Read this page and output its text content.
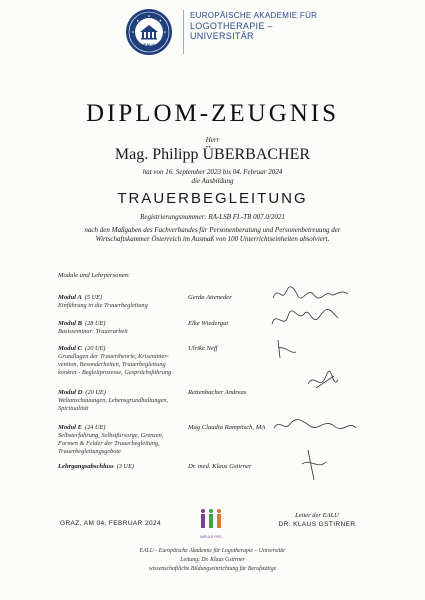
EALU
EUROPÄISCHE AKADEMIE FÜR
LOGOTHERAPIE –
UNIVERSITÄR
DIPLOM-ZEUGNIS
Herr
Mag. Philipp ÜBERBACHER
hat von 16. September 2023 bis 04. Februar 2024
die Ausbildung
TRAUERBEGLEITUNG
Registrierungsnummer: RA-LSB FL-TB 007.0/2021
nach den Maßgaben des Fachverbandes für Personenberatung und Personenbetreuung der
Wirtschaftskammer Österreich im Ausmaß von 100 Unterrichtseinheiten absolviert.
Module und Lehrpersonen:
Modul A (5 UE)
Einführung in die Trauerbegleitung
Gerda Atteneder
Modul B (28 UE)
Basisseminar: Trauerarbeit
Elke Wiedergut
Modul C (20 UE)
Grundlagen der Trauertheorie, Kriseninter-
vention, Besonderheiten, Trauerbegleitung
konkret - Begleitprozesse, Gesprächsführung
Ulrike Neff
Modul D (20 UE)
Weltanschauungen, Lebensgrundhaltungen,
Spiritualität
Rettenbacher Andreas
Modul E (24 UE)
Selbsterfahrung, Selbstfürsorge, Grenzen,
Formen & Felder der Trauerbegleitung,
Trauerbegleitungsgebote
Mag Claudia Rampitsch, MA
Lehrgangsabschluss (3 UE)	Dr. med. Klaus Gstirner
GRAZ, AM 04. FEBRUAR 2024
IMPULS PRO
Leiter der EALU
DR. KLAUS GSTIRNER
EALU - Europäische Akademie für Logotherapie – Universitär
Leitung: Dr. Klaus Gstirner
wissenschaftliche Bildungseinrichtung für Berufstätige
